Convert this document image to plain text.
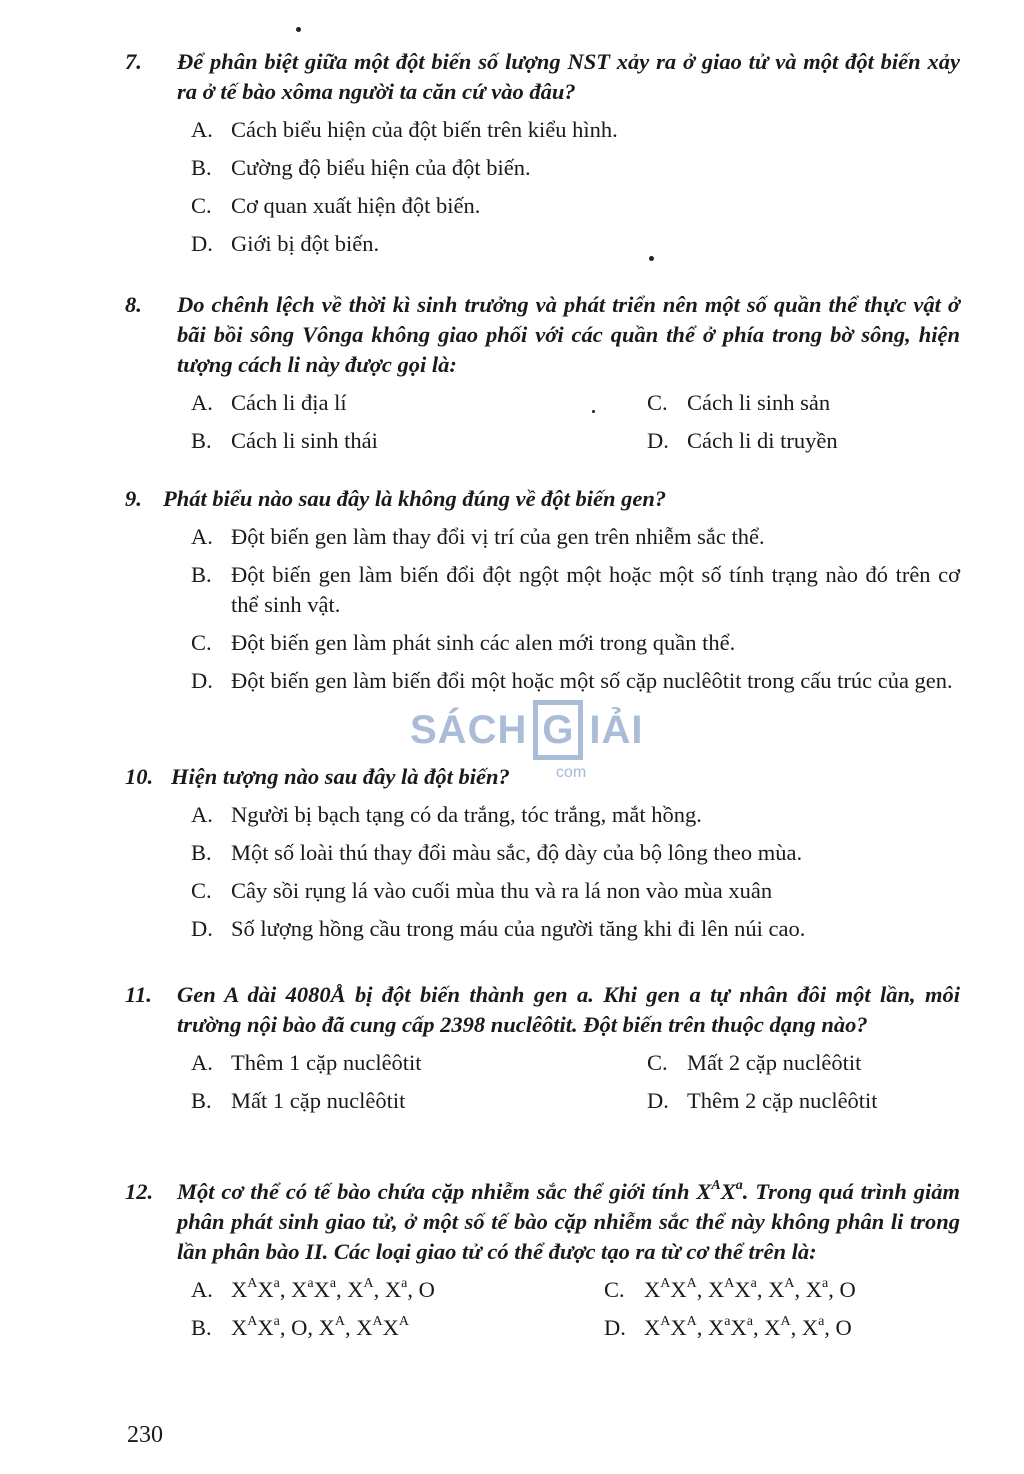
7.	Để phân biệt giữa một đột biến số lượng NST xảy ra ở giao tử và một đột biến xảy ra ở tế bào xôma người ta căn cứ vào đâu?
A. Cách biểu hiện của đột biến trên kiểu hình.
B. Cường độ biểu hiện của đột biến.
C. Cơ quan xuất hiện đột biến.
D. Giới bị đột biến.
8.	Do chênh lệch về thời kì sinh trưởng và phát triển nên một số quần thể thực vật ở bãi bồi sông Vônga không giao phối với các quần thể ở phía trong bờ sông, hiện tượng cách li này được gọi là:
A. Cách li địa lí	C. Cách li sinh sản
B. Cách li sinh thái	D. Cách li di truyền
9. Phát biểu nào sau đây là không đúng về đột biến gen?
A. Đột biến gen làm thay đổi vị trí của gen trên nhiễm sắc thể.
B. Đột biến gen làm biến đổi đột ngột một hoặc một số tính trạng nào đó trên cơ thể sinh vật.
C. Đột biến gen làm phát sinh các alen mới trong quần thể.
D. Đột biến gen làm biến đổi một hoặc một số cặp nuclêôtit trong cấu trúc của gen.
10. Hiện tượng nào sau đây là đột biến?
A. Người bị bạch tạng có da trắng, tóc trắng, mắt hồng.
B. Một số loài thú thay đổi màu sắc, độ dày của bộ lông theo mùa.
C. Cây sồi rụng lá vào cuối mùa thu và ra lá non vào mùa xuân
D. Số lượng hồng cầu trong máu của người tăng khi đi lên núi cao.
11.	Gen A dài 4080Å bị đột biến thành gen a. Khi gen a tự nhân đôi một lần, môi trường nội bào đã cung cấp 2398 nuclêôtit. Đột biến trên thuộc dạng nào?
A. Thêm 1 cặp nuclêôtit	C. Mất 2 cặp nuclêôtit
B. Mất 1 cặp nuclêôtit	D. Thêm 2 cặp nuclêôtit
12.	Một cơ thể có tế bào chứa cặp nhiễm sắc thể giới tính $X^AX^a$. Trong quá trình giảm phân phát sinh giao tử, ở một số tế bào cặp nhiễm sắc thể này không phân li trong lần phân bào II. Các loại giao tử có thể được tạo ra từ cơ thể trên là:
A. $X^AX^a$, $X^aX^a$, $X^A$, $X^a$, O	C. $X^AX^A$, $X^AX^a$, $X^A$, $X^a$, O
B. $X^AX^a$, O, $X^A$, $X^AX^A$	D. $X^AX^A$, $X^aX^a$, $X^A$, $X^a$, O
SÁCH G IẢI
com
230
